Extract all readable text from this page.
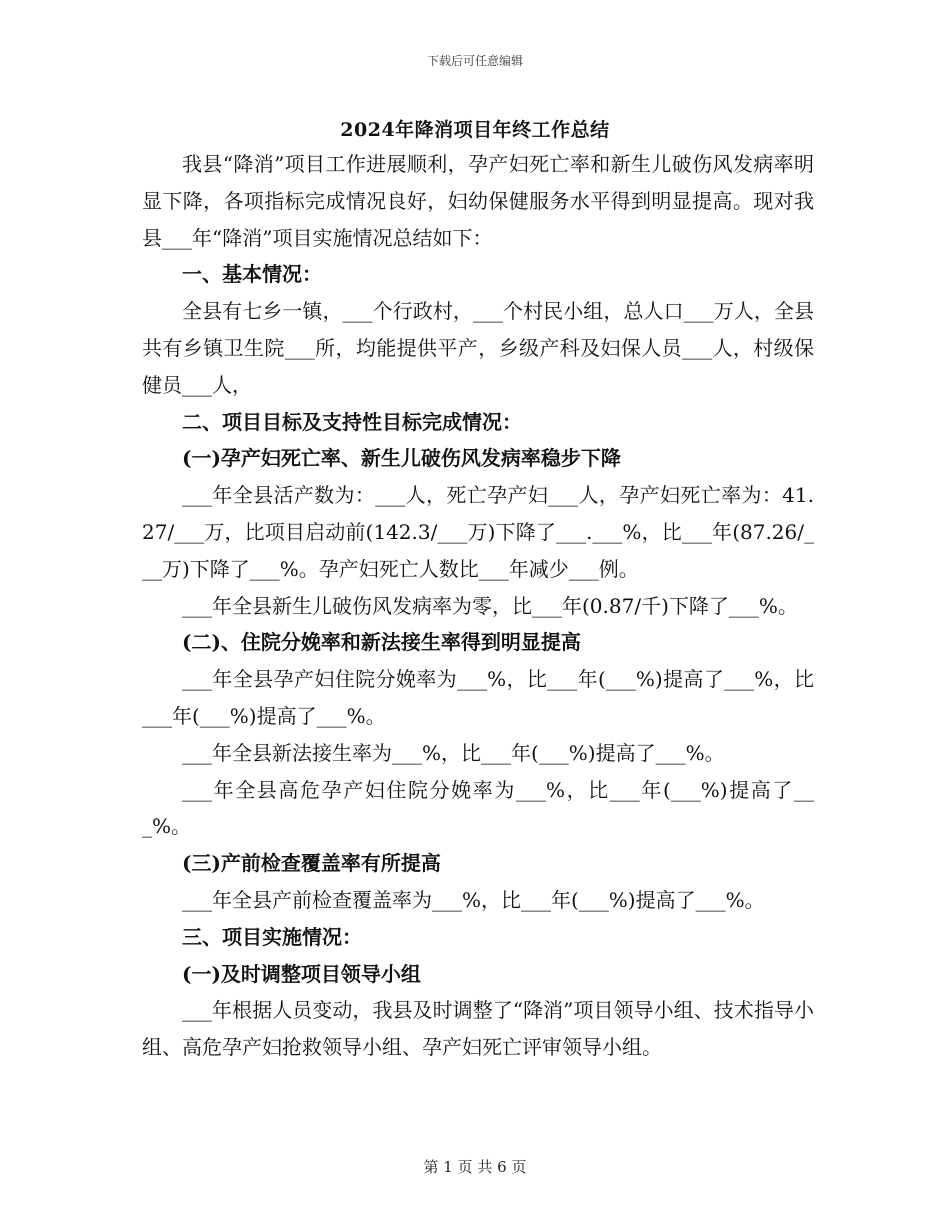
下载后可任意编辑
2024年降消项目年终工作总结

我县“降消”项目工作进展顺利，孕产妇死亡率和新生儿破伤风发病率明显下降，各项指标完成情况良好，妇幼保健服务水平得到明显提高。现对我县___年“降消”项目实施情况总结如下：

一、基本情况：

全县有七乡一镇，___个行政村，___个村民小组，总人口___万人，全县共有乡镇卫生院___所，均能提供平产，乡级产科及妇保人员___人，村级保健员___人，

二、项目目标及支持性目标完成情况：

(一)孕产妇死亡率、新生儿破伤风发病率稳步下降

___年全县活产数为：___人，死亡孕产妇___人，孕产妇死亡率为：41.27/___万，比项目启动前(142.3/___万)下降了___.___%，比___年(87.26/___万)下降了___%。孕产妇死亡人数比___年减少___例。

___年全县新生儿破伤风发病率为零，比___年(0.87/千)下降了___%。

(二)、住院分娩率和新法接生率得到明显提高

___年全县孕产妇住院分娩率为___%，比___年(___%)提高了___%，比___年(___%)提高了___%。

___年全县新法接生率为___%，比___年(___%)提高了___%。

___年全县高危孕产妇住院分娩率为___%，比___年(___%)提高了___%。

(三)产前检查覆盖率有所提高

___年全县产前检查覆盖率为___%，比___年(___%)提高了___%。

三、项目实施情况：

(一)及时调整项目领导小组

___年根据人员变动，我县及时调整了“降消”项目领导小组、技术指导小组、高危孕产妇抢救领导小组、孕产妇死亡评审领导小组。

第 1 页 共 6 页
